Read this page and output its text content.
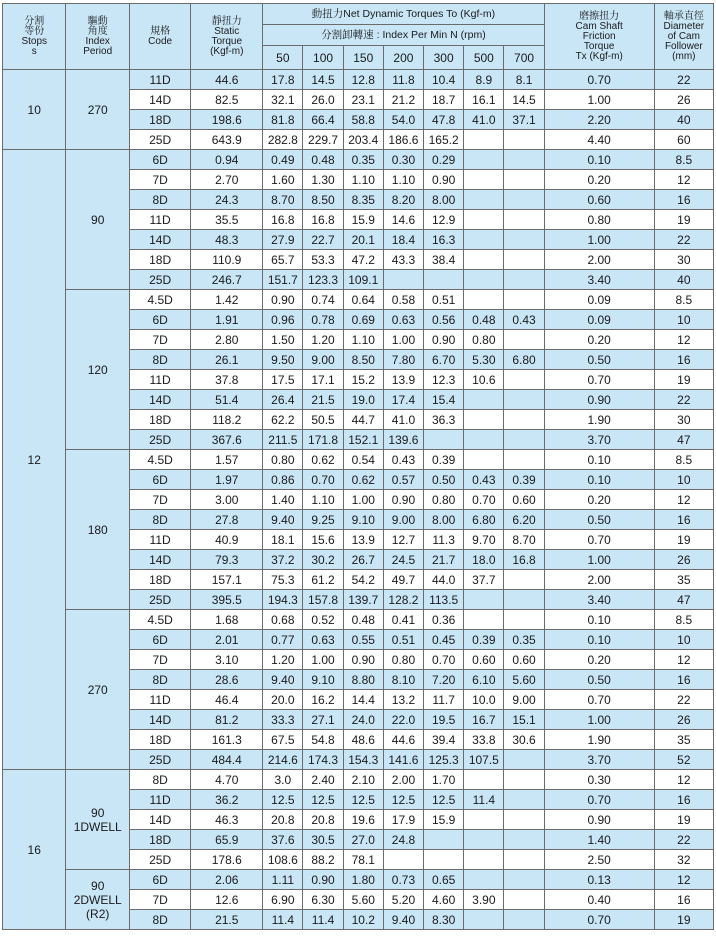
分割
等份
Stops
s	驅動
角度
Index
Period	規格
Code	靜扭力
Static
Torque
(Kgf-m)	動扭力Net Dynamic Torques To (Kgf-m)							磨擦扭力
Cam Shaft
Friction
Torque
Tx (Kgf-m)	軸承直徑
Diameter
of Cam
Follower
(mm)
				分割卸轉速 : Index Per Min N (rpm)								
				50	100	150	200	300	500	700		
10	270	11D	44.6	17.8	14.5	12.8	11.8	10.4	8.9	8.1	0.70	22
		14D	82.5	32.1	26.0	23.1	21.2	18.7	16.1	14.5	1.00	26
		18D	198.6	81.8	66.4	58.8	54.0	47.8	41.0	37.1	2.20	40
		25D	643.9	282.8	229.7	203.4	186.6	165.2			4.40	60
12	90	6D	0.94	0.49	0.48	0.35	0.30	0.29			0.10	8.5
		7D	2.70	1.60	1.30	1.10	1.10	0.90			0.20	12
		8D	24.3	8.70	8.50	8.35	8.20	8.00			0.60	16
		11D	35.5	16.8	16.8	15.9	14.6	12.9			0.80	19
		14D	48.3	27.9	22.7	20.1	18.4	16.3			1.00	22
		18D	110.9	65.7	53.3	47.2	43.3	38.4			2.00	30
		25D	246.7	151.7	123.3	109.1					3.40	40
	120	4.5D	1.42	0.90	0.74	0.64	0.58	0.51			0.09	8.5
		6D	1.91	0.96	0.78	0.69	0.63	0.56	0.48	0.43	0.09	10
		7D	2.80	1.50	1.20	1.10	1.00	0.90	0.80		0.20	12
		8D	26.1	9.50	9.00	8.50	7.80	6.70	5.30	6.80	0.50	16
		11D	37.8	17.5	17.1	15.2	13.9	12.3	10.6		0.70	19
		14D	51.4	26.4	21.5	19.0	17.4	15.4			0.90	22
		18D	118.2	62.2	50.5	44.7	41.0	36.3			1.90	30
		25D	367.6	211.5	171.8	152.1	139.6				3.70	47
	180	4.5D	1.57	0.80	0.62	0.54	0.43	0.39			0.10	8.5
		6D	1.97	0.86	0.70	0.62	0.57	0.50	0.43	0.39	0.10	10
		7D	3.00	1.40	1.10	1.00	0.90	0.80	0.70	0.60	0.20	12
		8D	27.8	9.40	9.25	9.10	9.00	8.00	6.80	6.20	0.50	16
		11D	40.9	18.1	15.6	13.9	12.7	11.3	9.70	8.70	0.70	19
		14D	79.3	37.2	30.2	26.7	24.5	21.7	18.0	16.8	1.00	26
		18D	157.1	75.3	61.2	54.2	49.7	44.0	37.7		2.00	35
		25D	395.5	194.3	157.8	139.7	128.2	113.5			3.40	47
	270	4.5D	1.68	0.68	0.52	0.48	0.41	0.36			0.10	8.5
		6D	2.01	0.77	0.63	0.55	0.51	0.45	0.39	0.35	0.10	10
		7D	3.10	1.20	1.00	0.90	0.80	0.70	0.60	0.60	0.20	12
		8D	28.6	9.40	9.10	8.80	8.10	7.20	6.10	5.60	0.50	16
		11D	46.4	20.0	16.2	14.4	13.2	11.7	10.0	9.00	0.70	22
		14D	81.2	33.3	27.1	24.0	22.0	19.5	16.7	15.1	1.00	26
		18D	161.3	67.5	54.8	48.6	44.6	39.4	33.8	30.6	1.90	35
		25D	484.4	214.6	174.3	154.3	141.6	125.3	107.5		3.70	52
16	90
1DWELL	8D	4.70	3.0	2.40	2.10	2.00	1.70			0.30	12
		11D	36.2	12.5	12.5	12.5	12.5	12.5	11.4		0.70	16
		14D	46.3	20.8	20.8	19.6	17.9	15.9			0.90	19
		18D	65.9	37.6	30.5	27.0	24.8				1.40	22
		25D	178.6	108.6	88.2	78.1					2.50	32
	90
2DWELL
(R2)	6D	2.06	1.11	0.90	1.80	0.73	0.65			0.13	12
		7D	12.6	6.90	6.30	5.60	5.20	4.60	3.90		0.40	16
		8D	21.5	11.4	11.4	10.2	9.40	8.30			0.70	19
